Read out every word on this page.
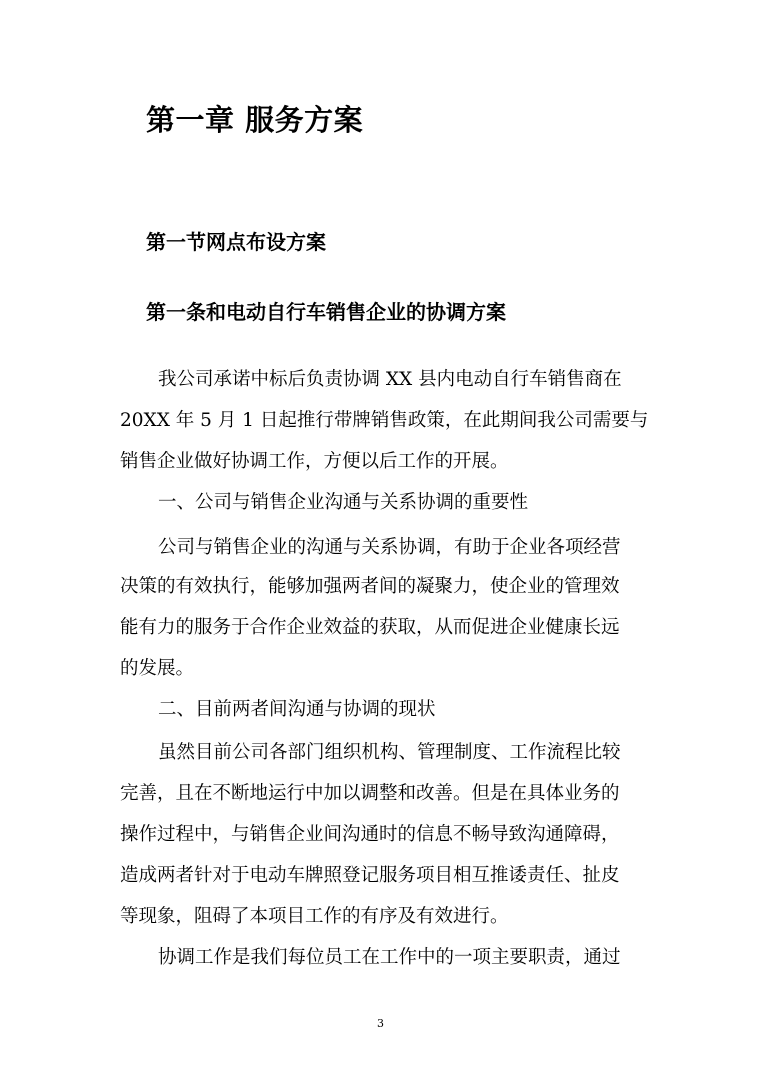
第一章 服务方案
第一节网点布设方案
第一条和电动自行车销售企业的协调方案
我公司承诺中标后负责协调 XX 县内电动自行车销售商在
20XX 年 5 月 1 日起推行带牌销售政策，在此期间我公司需要与
销售企业做好协调工作，方便以后工作的开展。
一、公司与销售企业沟通与关系协调的重要性
公司与销售企业的沟通与关系协调，有助于企业各项经营
决策的有效执行，能够加强两者间的凝聚力，使企业的管理效
能有力的服务于合作企业效益的获取，从而促进企业健康长远
的发展。
二、目前两者间沟通与协调的现状
虽然目前公司各部门组织机构、管理制度、工作流程比较
完善，且在不断地运行中加以调整和改善。但是在具体业务的
操作过程中，与销售企业间沟通时的信息不畅导致沟通障碍，
造成两者针对于电动车牌照登记服务项目相互推诿责任、扯皮
等现象，阻碍了本项目工作的有序及有效进行。
协调工作是我们每位员工在工作中的一项主要职责，通过
3
